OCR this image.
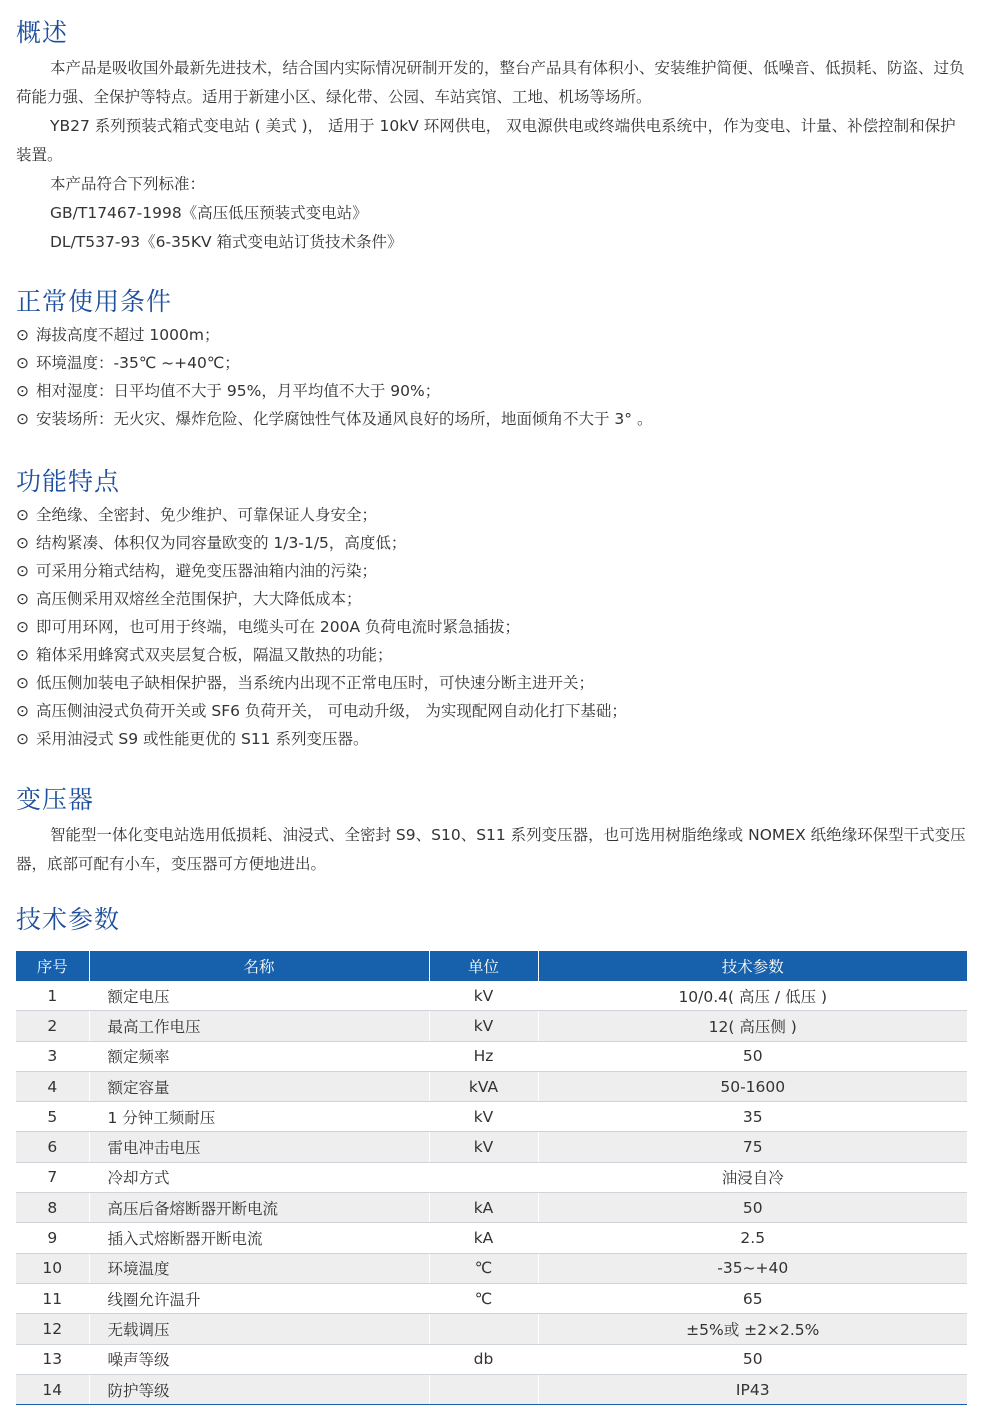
概述

本产品是吸收国外最新先进技术，结合国内实际情况研制开发的，整台产品具有体积小、安装维护简便、低噪音、低损耗、防盗、过负荷能力强、全保护等特点。适用于新建小区、绿化带、公园、车站宾馆、工地、机场等场所。

YB27 系列预装式箱式变电站 ( 美式 )， 适用于 10kV 环网供电， 双电源供电或终端供电系统中，作为变电、计量、补偿控制和保护装置。

本产品符合下列标准：

GB/T17467-1998《高压低压预装式变电站》

DL/T537-93《6-35KV 箱式变电站订货技术条件》

正常使用条件

⊙ 海拔高度不超过 1000m；

⊙ 环境温度：-35℃ ~+40℃；

⊙ 相对湿度：日平均值不大于 95%，月平均值不大于 90%；

⊙ 安装场所：无火灾、爆炸危险、化学腐蚀性气体及通风良好的场所，地面倾角不大于 3° 。

功能特点

⊙ 全绝缘、全密封、免少维护、可靠保证人身安全；

⊙ 结构紧凑、体积仅为同容量欧变的 1/3-1/5，高度低；

⊙ 可采用分箱式结构，避免变压器油箱内油的污染；

⊙ 高压侧采用双熔丝全范围保护，大大降低成本；

⊙ 即可用环网，也可用于终端，电缆头可在 200A 负荷电流时紧急插拔；

⊙ 箱体采用蜂窝式双夹层复合板，隔温又散热的功能；

⊙ 低压侧加装电子缺相保护器，当系统内出现不正常电压时，可快速分断主进开关；

⊙ 高压侧油浸式负荷开关或 SF6 负荷开关， 可电动升级， 为实现配网自动化打下基础；

⊙ 采用油浸式 S9 或性能更优的 S11 系列变压器。

变压器

智能型一体化变电站选用低损耗、油浸式、全密封 S9、S10、S11 系列变压器，也可选用树脂绝缘或 NOMEX 纸绝缘环保型干式变压器，底部可配有小车，变压器可方便地进出。

技术参数
序号	名称	单位	技术参数
1	额定电压	kV	10/0.4( 高压 / 低压 )
2	最高工作电压	kV	12( 高压侧 )
3	额定频率	Hz	50
4	额定容量	kVA	50-1600
5	1 分钟工频耐压	kV	35
6	雷电冲击电压	kV	75
7	冷却方式		油浸自冷
8	高压后备熔断器开断电流	kA	50
9	插入式熔断器开断电流	kA	2.5
10	环境温度	℃	-35~+40
11	线圈允许温升	℃	65
12	无载调压		±5%或 ±2×2.5%
13	噪声等级	db	50
14	防护等级		IP43
